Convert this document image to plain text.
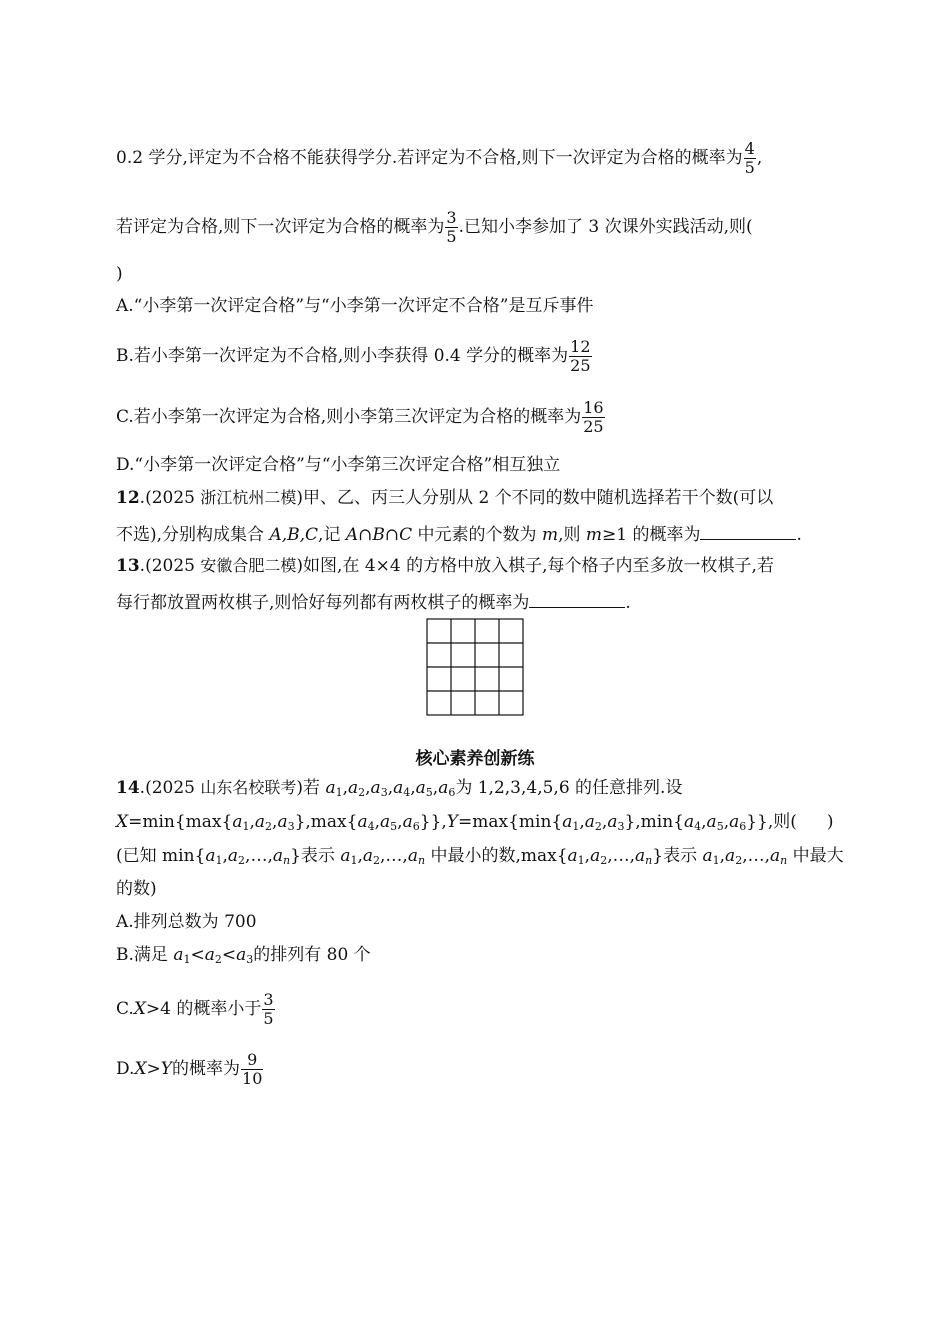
0.2 学分,评定为不合格不能获得学分.若评定为不合格,则下一次评定为合格的概率为 $\frac{4}{5}$ ,
若评定为合格,则下一次评定为合格的概率为 $\frac{3}{5}$ .已知小李参加了 3 次课外实践活动,则(
)
A.“小李第一次评定合格”与“小李第一次评定不合格”是互斥事件
B.若小李第一次评定为不合格,则小李获得 0.4 学分的概率为 $\frac{12}{25}$
C.若小李第一次评定为合格,则小李第三次评定为合格的概率为 $\frac{16}{25}$
D.“小李第一次评定合格”与“小李第三次评定合格”相互独立
12.(2025 浙江杭州二模)甲、乙、丙三人分别从 2 个不同的数中随机选择若干个数(可以
不选),分别构成集合 A,B,C,记 A∩B∩C 中元素的个数为 m,则 m≥1 的概率为	.
13.(2025 安徽合肥二模)如图,在 4×4 的方格中放入棋子,每个格子内至多放一枚棋子,若
每行都放置两枚棋子,则恰好每列都有两枚棋子的概率为	.
核心素养创新练
14.(2025 山东名校联考)若 $a_1,a_2,a_3,a_4,a_5,a_6$为 1,2,3,4,5,6 的任意排列.设
$X=\min\{\max\{a_1,a_2,a_3\},\max\{a_4,a_5,a_6\}\},Y=\max\{\min\{a_1,a_2,a_3\},\min\{a_4,a_5,a_6\}\}$,则( )
(已知 $\min\{a_1,a_2,\dots,a_n\}$表示 $a_1,a_2,\dots,a_n$ 中最小的数$,\max\{a_1,a_2,\dots,a_n\}$表示 $a_1,a_2,\dots,a_n$ 中最大
的数)
A.排列总数为 700
B.满足 $a_1<a_2<a_3$的排列有 80 个
C.X>4 的概率小于 $\frac{3}{5}$
D.X>Y的概率为 $\frac{9}{10}$
